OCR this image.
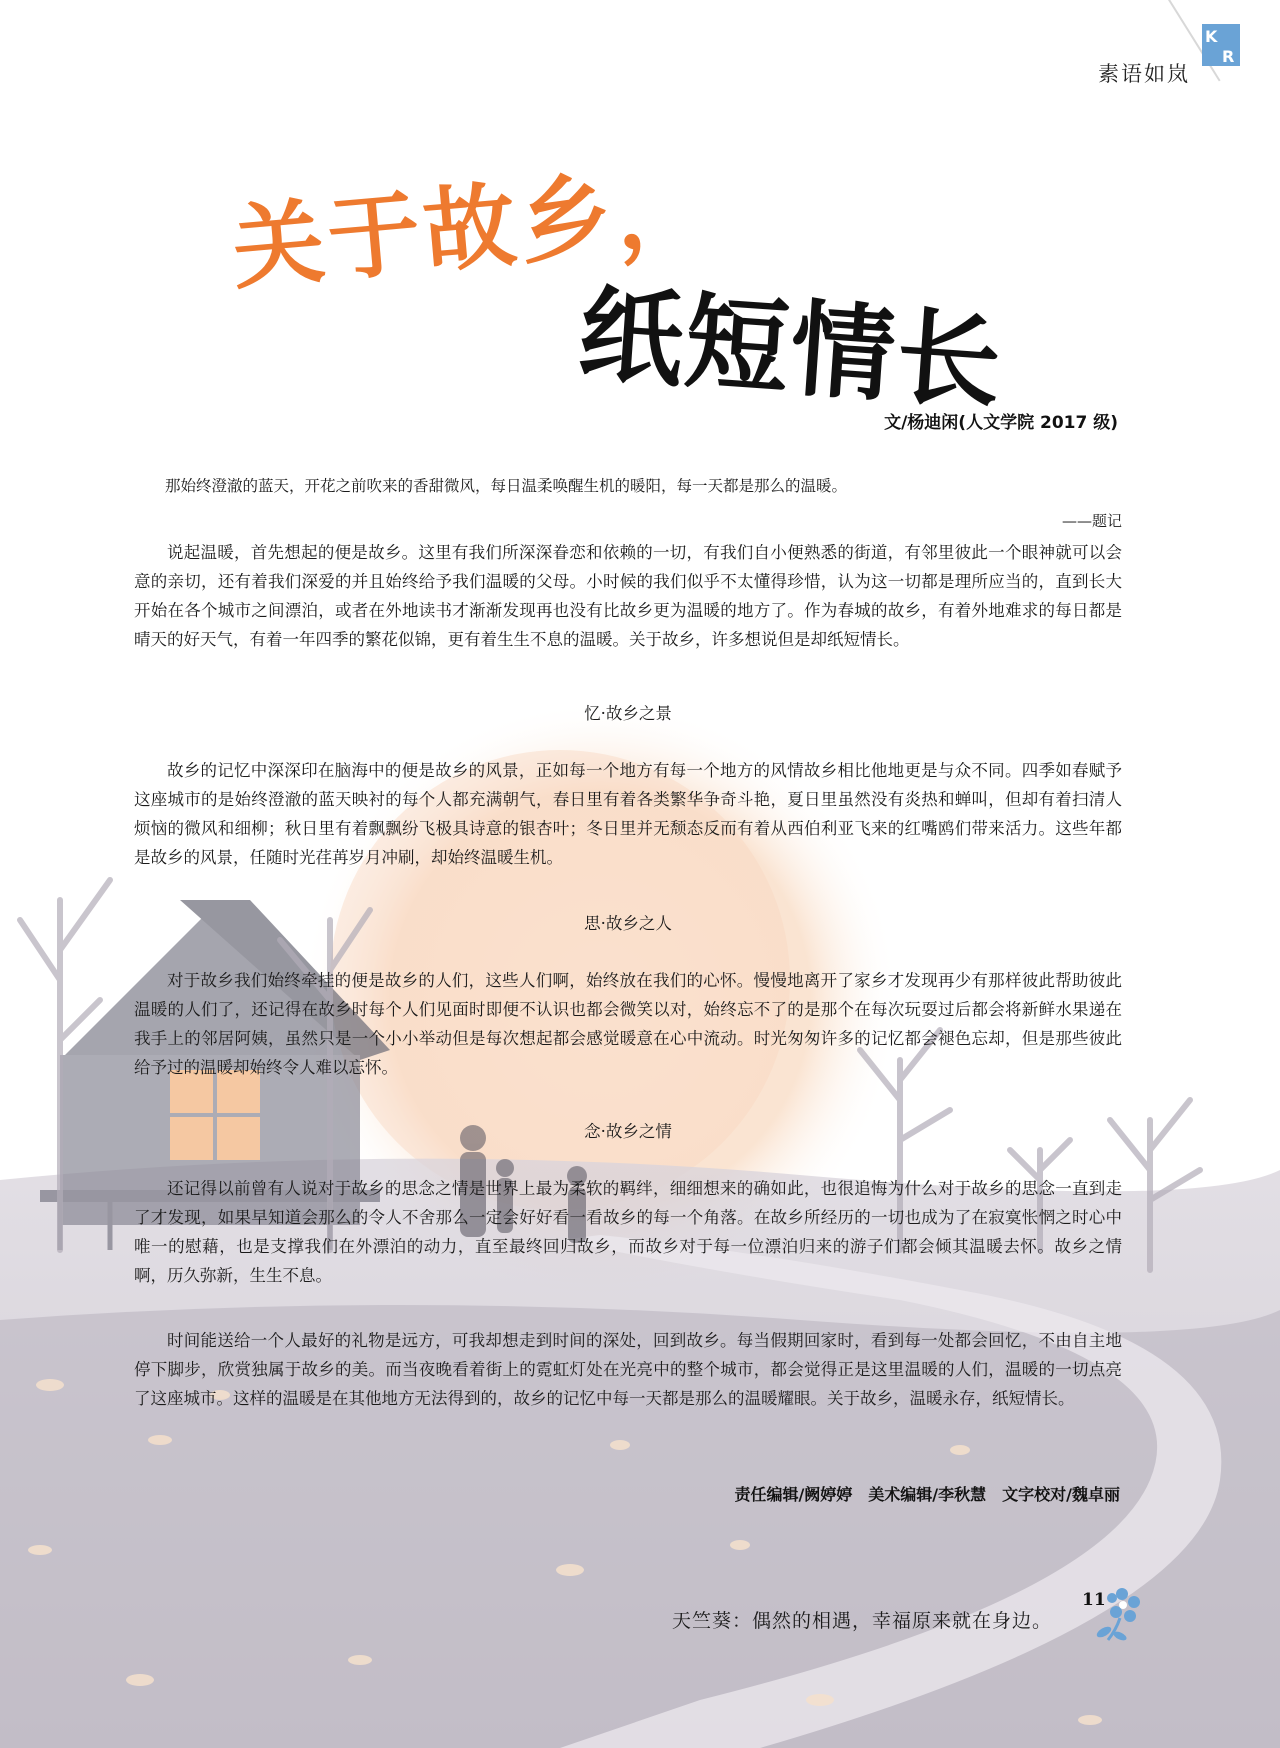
K
R
素语如岚
关于故乡，
纸短情长
文/杨迪闲(人文学院 2017 级)
那始终澄澈的蓝天，开花之前吹来的香甜微风，每日温柔唤醒生机的暖阳，每一天都是那么的温暖。
——题记

说起温暖，首先想起的便是故乡。这里有我们所深深眷恋和依赖的一切，有我们自小便熟悉的街道，有邻里彼此一个眼神就可以会意的亲切，还有着我们深爱的并且始终给予我们温暖的父母。小时候的我们似乎不太懂得珍惜，认为这一切都是理所应当的，直到长大开始在各个城市之间漂泊，或者在外地读书才渐渐发现再也没有比故乡更为温暖的地方了。作为春城的故乡，有着外地难求的每日都是晴天的好天气，有着一年四季的繁花似锦，更有着生生不息的温暖。关于故乡，许多想说但是却纸短情长。

忆·故乡之景

故乡的记忆中深深印在脑海中的便是故乡的风景，正如每一个地方有每一个地方的风情故乡相比他地更是与众不同。四季如春赋予这座城市的是始终澄澈的蓝天映衬的每个人都充满朝气，春日里有着各类繁华争奇斗艳，夏日里虽然没有炎热和蝉叫，但却有着扫清人烦恼的微风和细柳；秋日里有着飘飘纷飞极具诗意的银杏叶；冬日里并无颓态反而有着从西伯利亚飞来的红嘴鸥们带来活力。这些年都是故乡的风景，任随时光荏苒岁月冲刷，却始终温暖生机。

思·故乡之人

对于故乡我们始终牵挂的便是故乡的人们，这些人们啊，始终放在我们的心怀。慢慢地离开了家乡才发现再少有那样彼此帮助彼此温暖的人们了，还记得在故乡时每个人们见面时即便不认识也都会微笑以对，始终忘不了的是那个在每次玩耍过后都会将新鲜水果递在我手上的邻居阿姨，虽然只是一个小小举动但是每次想起都会感觉暖意在心中流动。时光匆匆许多的记忆都会褪色忘却，但是那些彼此给予过的温暖却始终令人难以忘怀。

念·故乡之情

还记得以前曾有人说对于故乡的思念之情是世界上最为柔软的羁绊，细细想来的确如此，也很追悔为什么对于故乡的思念一直到走了才发现，如果早知道会那么的令人不舍那么一定会好好看一看故乡的每一个角落。在故乡所经历的一切也成为了在寂寞怅惘之时心中唯一的慰藉，也是支撑我们在外漂泊的动力，直至最终回归故乡，而故乡对于每一位漂泊归来的游子们都会倾其温暖去怀。故乡之情啊，历久弥新，生生不息。

时间能送给一个人最好的礼物是远方，可我却想走到时间的深处，回到故乡。每当假期回家时，看到每一处都会回忆，不由自主地停下脚步，欣赏独属于故乡的美。而当夜晚看着街上的霓虹灯处在光亮中的整个城市，都会觉得正是这里温暖的人们，温暖的一切点亮了这座城市。这样的温暖是在其他地方无法得到的，故乡的记忆中每一天都是那么的温暖耀眼。关于故乡，温暖永存，纸短情长。

责任编辑/阙婷婷　美术编辑/李秋慧　文字校对/魏卓丽
11
天竺葵：偶然的相遇，幸福原来就在身边。
